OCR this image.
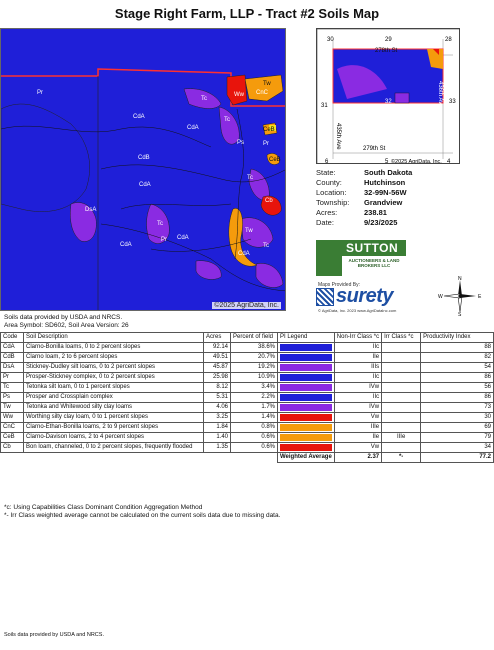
Stage Right Farm, LLP - Tract #2 Soils Map
Pr
CdA
CdA
CdB
CdA
DsA
Tc
Tc
Tw
Ww CnC
CeB
CeB
Pr
Ps
Tc
Cb
CdA
Pr CdA
Tc
Tw
Tc
CdA
©2025 AgriData, Inc.
30	29	28
31
32	33
6	5	4
278th St
435th Ave
436th Ave
279th St
©2025 AgriData, Inc.
State:	South Dakota
County:	Hutchinson
Location:	32-99N-56W
Township:	Grandview
Acres:	238.81
Date:	9/23/2025
SUTTON
AUCTIONEERS & LAND BROKERS LLC
Maps Provided By:
surety
© AgriData, Inc. 2023 www.AgriDataInc.com
N
S
W	E
Soils data provided by USDA and NRCS.
Area Symbol: SD602, Soil Area Version: 26
Code	Soil Description	Acres	Percent of field	PI Legend	Non-Irr Class *c	Irr Class *c	Productivity Index
CdA	Clarno-Bonilla loams, 0 to 2 percent slopes	92.14	38.6%		IIc		88
CdB	Clarno loam, 2 to 6 percent slopes	49.51	20.7%		IIe		82
DsA	Stickney-Dudley silt loams, 0 to 2 percent slopes	45.87	19.2%		IIIs		54
Pr	Prosper-Stickney complex, 0 to 2 percent slopes	25.98	10.9%		IIc		86
Tc	Tetonka silt loam, 0 to 1 percent slopes	8.12	3.4%		IVw		56
Ps	Prosper and Crossplain complex	5.31	2.2%		IIc		86
Tw	Tetonka and Whitewood silty clay loams	4.06	1.7%		IVw		73
Ww	Worthing silty clay loam, 0 to 1 percent slopes	3.25	1.4%		Vw		30
CnC	Clarno-Ethan-Bonilla loams, 2 to 9 percent slopes	1.84	0.8%		IIIe		69
CeB	Clarno-Davison loams, 2 to 4 percent slopes	1.40	0.6%		IIe	IIIe	79
Cb	Bon loam, channeled, 0 to 2 percent slopes, frequently flooded	1.35	0.6%		Vw		34
				Weighted Average	2.37	*-	77.2
*c: Using Capabilities Class Dominant Condition Aggregation Method
*- Irr Class weighted average cannot be calculated on the current soils data due to missing data.
Soils data provided by USDA and NRCS.
